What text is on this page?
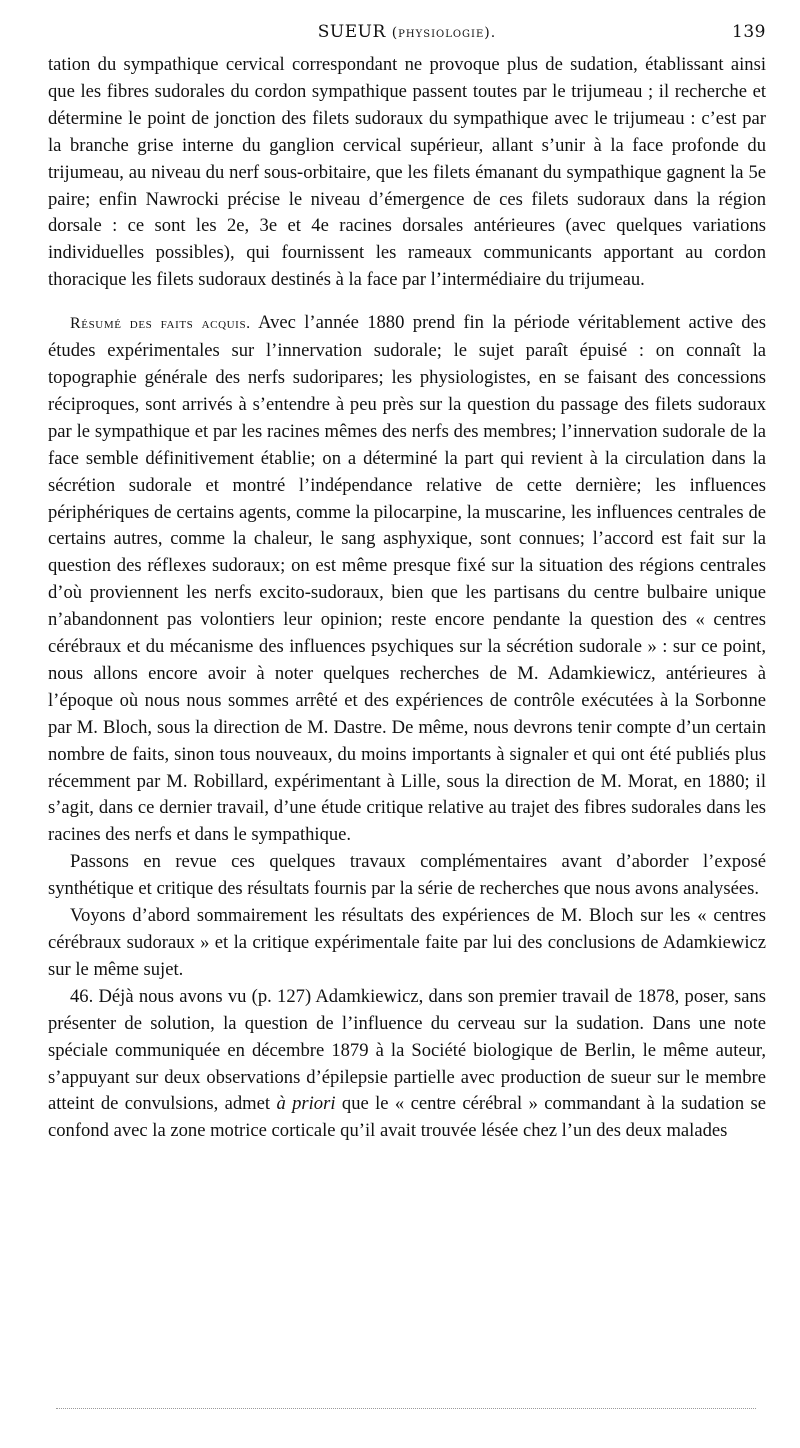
SUEUR (physiologie).	139

tation du sympathique cervical correspondant ne provoque plus de sudation, établissant ainsi que les fibres sudorales du cordon sympathique passent toutes par le trijumeau ; il recherche et détermine le point de jonction des filets sudoraux du sympathique avec le trijumeau : c’est par la branche grise interne du ganglion cervical supérieur, allant s’unir à la face profonde du trijumeau, au niveau du nerf sous-orbitaire, que les filets émanant du sympathique gagnent la 5e paire; enfin Nawrocki précise le niveau d’émergence de ces filets sudoraux dans la région dorsale : ce sont les 2e, 3e et 4e racines dorsales antérieures (avec quelques variations individuelles possibles), qui fournissent les rameaux communicants apportant au cordon thoracique les filets sudoraux destinés à la face par l’intermédiaire du trijumeau.

Résumé des faits acquis. Avec l’année 1880 prend fin la période véritablement active des études expérimentales sur l’innervation sudorale; le sujet paraît épuisé : on connaît la topographie générale des nerfs sudoripares; les physiologistes, en se faisant des concessions réciproques, sont arrivés à s’entendre à peu près sur la question du passage des filets sudoraux par le sympathique et par les racines mêmes des nerfs des membres; l’innervation sudorale de la face semble définitivement établie; on a déterminé la part qui revient à la circulation dans la sécrétion sudorale et montré l’indépendance relative de cette dernière; les influences périphériques de certains agents, comme la pilocarpine, la muscarine, les influences centrales de certains autres, comme la chaleur, le sang asphyxique, sont connues; l’accord est fait sur la question des réflexes sudoraux; on est même presque fixé sur la situation des régions centrales d’où proviennent les nerfs excito-sudoraux, bien que les partisans du centre bulbaire unique n’abandonnent pas volontiers leur opinion; reste encore pendante la question des « centres cérébraux et du mécanisme des influences psychiques sur la sécrétion sudorale » : sur ce point, nous allons encore avoir à noter quelques recherches de M. Adamkiewicz, antérieures à l’époque où nous nous sommes arrêté et des expériences de contrôle exécutées à la Sorbonne par M. Bloch, sous la direction de M. Dastre. De même, nous devrons tenir compte d’un certain nombre de faits, sinon tous nouveaux, du moins importants à signaler et qui ont été publiés plus récemment par M. Robillard, expérimentant à Lille, sous la direction de M. Morat, en 1880; il s’agit, dans ce dernier travail, d’une étude critique relative au trajet des fibres sudorales dans les racines des nerfs et dans le sympathique.

Passons en revue ces quelques travaux complémentaires avant d’aborder l’exposé synthétique et critique des résultats fournis par la série de recherches que nous avons analysées.

Voyons d’abord sommairement les résultats des expériences de M. Bloch sur les « centres cérébraux sudoraux » et la critique expérimentale faite par lui des conclusions de Adamkiewicz sur le même sujet.

46. Déjà nous avons vu (p. 127) Adamkiewicz, dans son premier travail de 1878, poser, sans présenter de solution, la question de l’influence du cerveau sur la sudation. Dans une note spéciale communiquée en décembre 1879 à la Société biologique de Berlin, le même auteur, s’appuyant sur deux observations d’épilepsie partielle avec production de sueur sur le membre atteint de convulsions, admet à priori que le « centre cérébral » commandant à la sudation se confond avec la zone motrice corticale qu’il avait trouvée lésée chez l’un des deux malades
